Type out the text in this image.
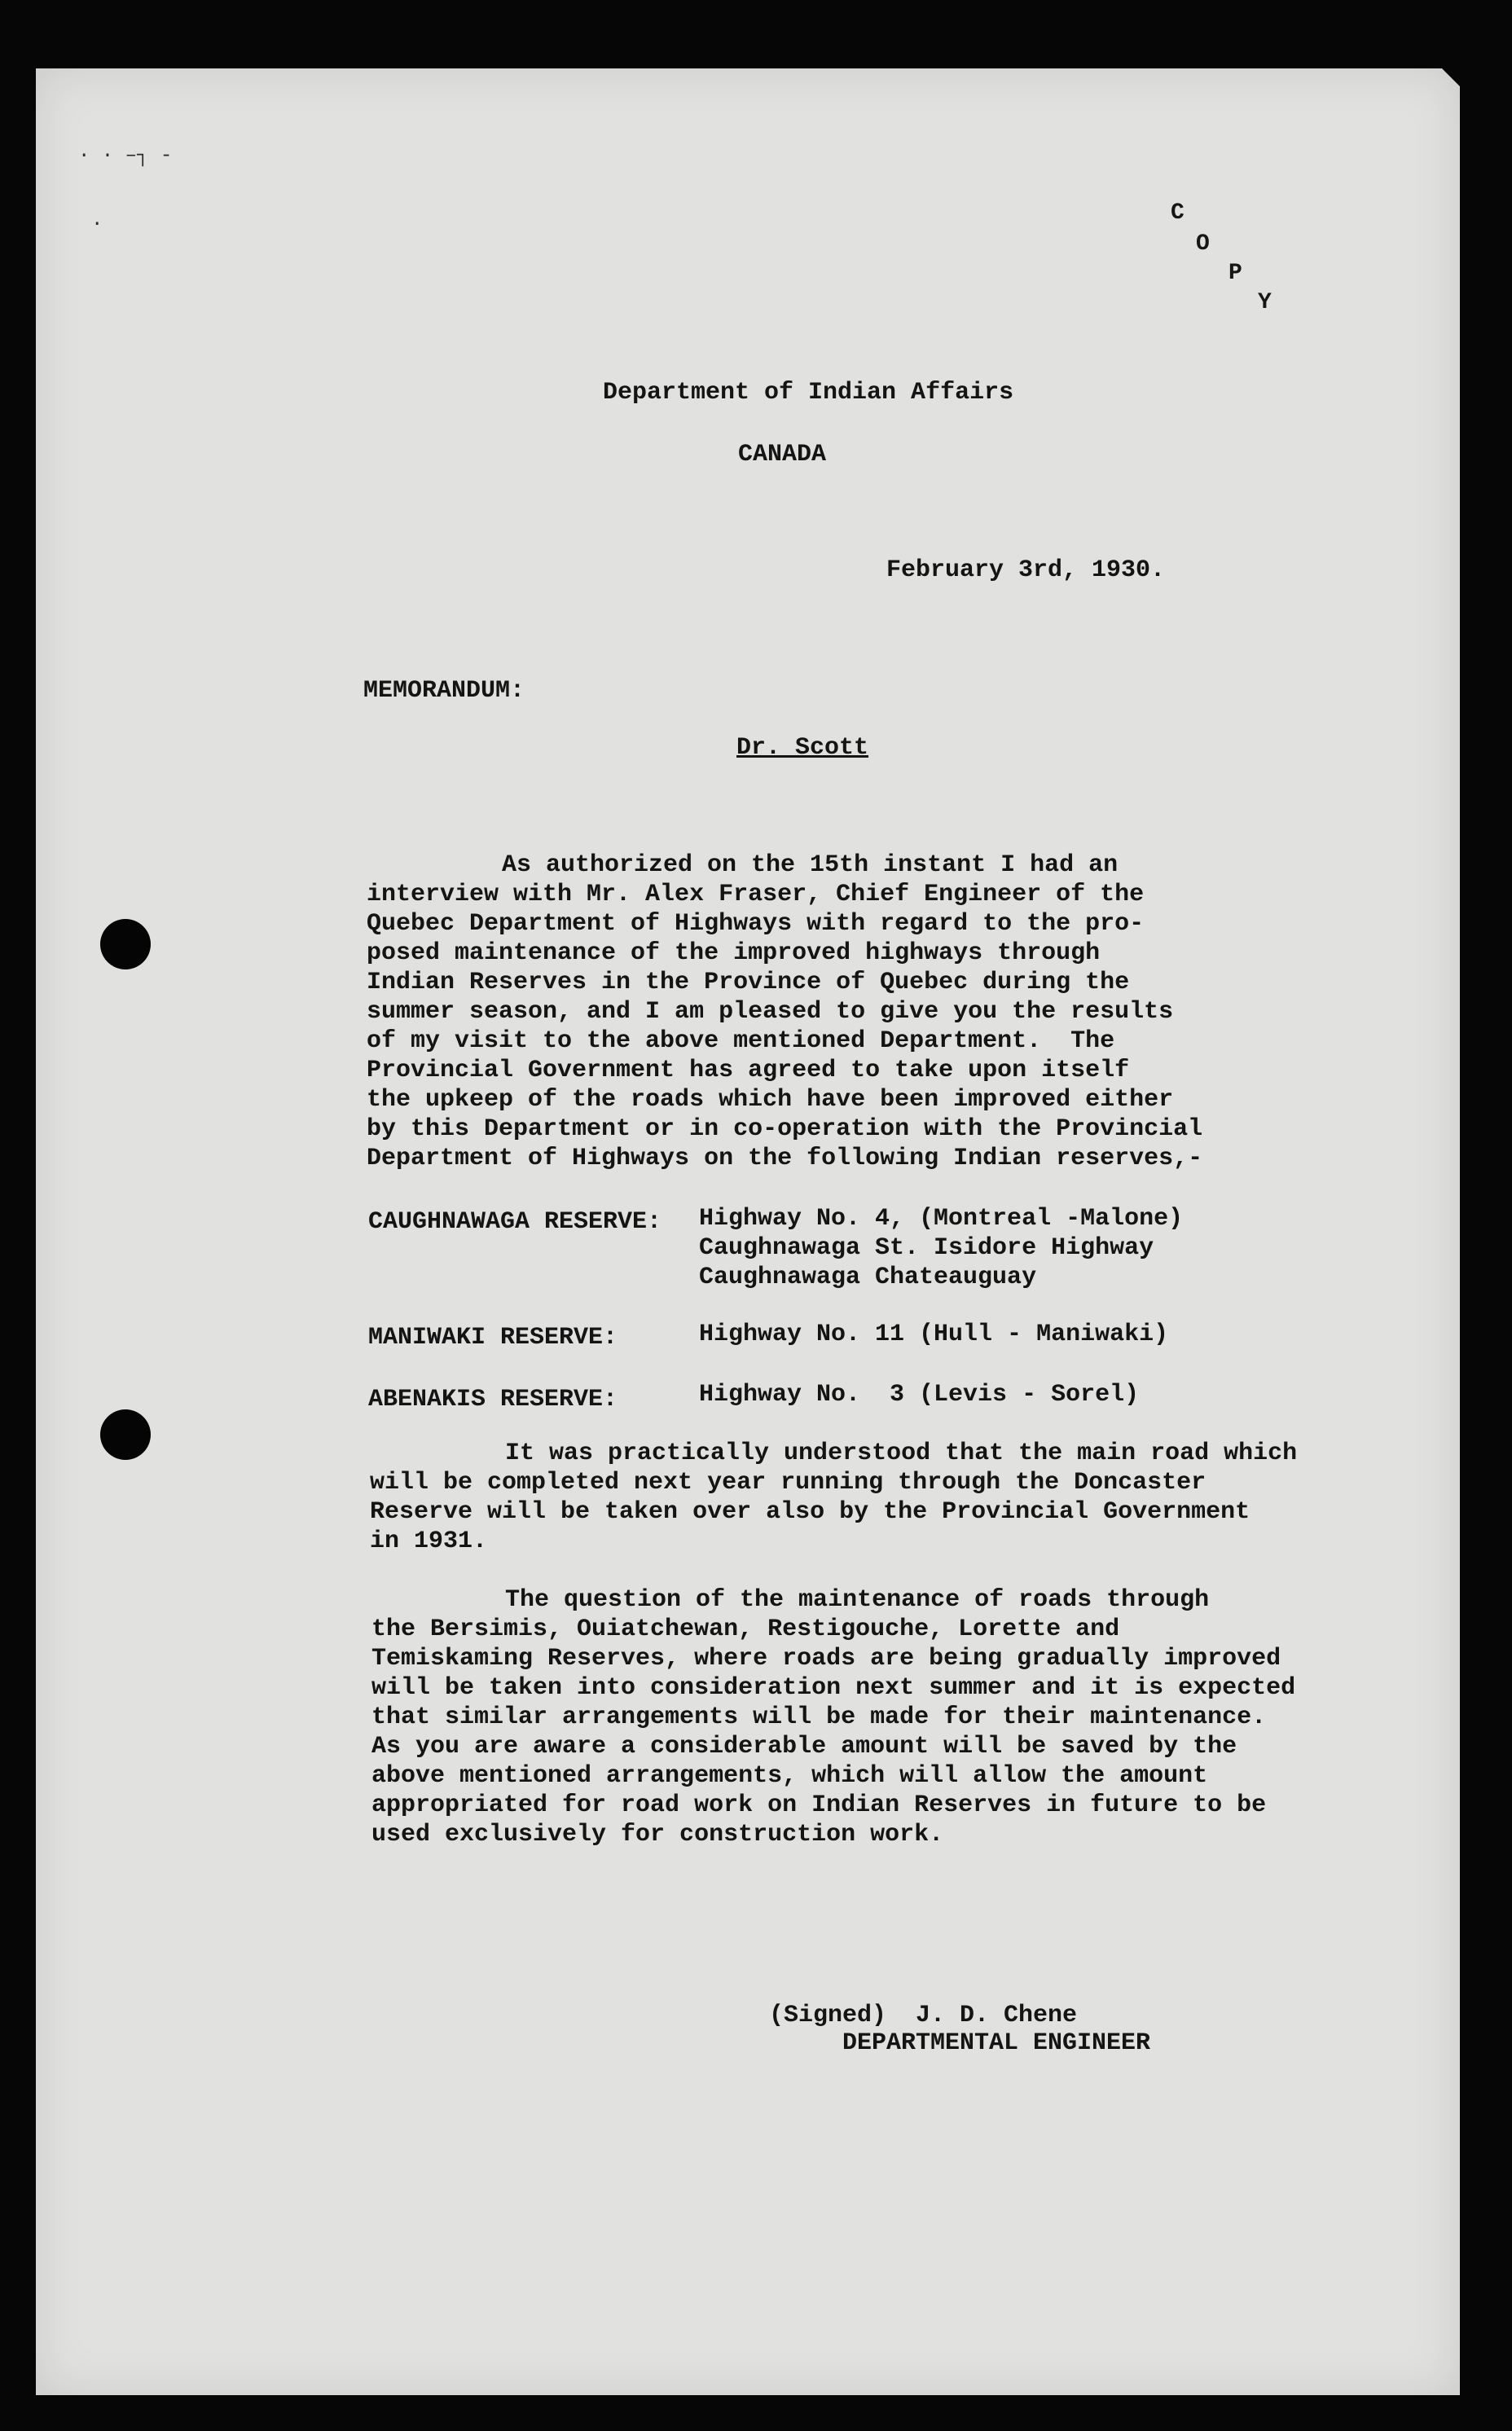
· · –┐ -
·	C
O
P
Y
Department of Indian Affairs
CANADA
February 3rd, 1930.
MEMORANDUM:
Dr. Scott
As authorized on the 15th instant I had an
interview with Mr. Alex Fraser, Chief Engineer of the
Quebec Department of Highways with regard to the pro-
posed maintenance of the improved highways through
Indian Reserves in the Province of Quebec during the
summer season, and I am pleased to give you the results
of my visit to the above mentioned Department.  The
Provincial Government has agreed to take upon itself
the upkeep of the roads which have been improved either
by this Department or in co-operation with the Provincial
Department of Highways on the following Indian reserves,-
CAUGHNAWAGA RESERVE: Highway No. 4, (Montreal -Malone)
Caughnawaga St. Isidore Highway
Caughnawaga Chateauguay
MANIWAKI RESERVE:	Highway No. 11 (Hull - Maniwaki)
ABENAKIS RESERVE:	Highway No.  3 (Levis - Sorel)
It was practically understood that the main road which
will be completed next year running through the Doncaster
Reserve will be taken over also by the Provincial Government
in 1931.
The question of the maintenance of roads through
the Bersimis, Ouiatchewan, Restigouche, Lorette and
Temiskaming Reserves, where roads are being gradually improved
will be taken into consideration next summer and it is expected
that similar arrangements will be made for their maintenance.
As you are aware a considerable amount will be saved by the
above mentioned arrangements, which will allow the amount
appropriated for road work on Indian Reserves in future to be
used exclusively for construction work.
(Signed)  J. D. Chene
DEPARTMENTAL ENGINEER
